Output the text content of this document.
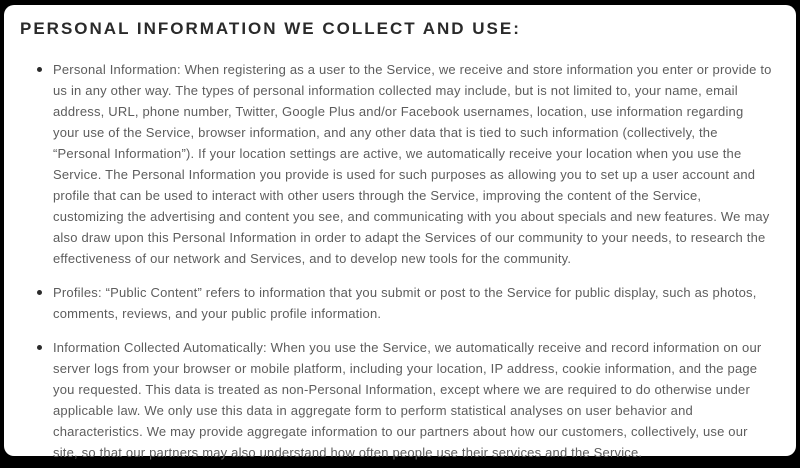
PERSONAL INFORMATION WE COLLECT AND USE:
Personal Information: When registering as a user to the Service, we receive and store information you enter or provide to us in any other way. The types of personal information collected may include, but is not limited to, your name, email address, URL, phone number, Twitter, Google Plus and/or Facebook usernames, location, use information regarding your use of the Service, browser information, and any other data that is tied to such information (collectively, the “Personal Information”). If your location settings are active, we automatically receive your location when you use the Service. The Personal Information you provide is used for such purposes as allowing you to set up a user account and profile that can be used to interact with other users through the Service, improving the content of the Service, customizing the advertising and content you see, and communicating with you about specials and new features. We may also draw upon this Personal Information in order to adapt the Services of our community to your needs, to research the effectiveness of our network and Services, and to develop new tools for the community.
Profiles: “Public Content” refers to information that you submit or post to the Service for public display, such as photos, comments, reviews, and your public profile information.
Information Collected Automatically: When you use the Service, we automatically receive and record information on our server logs from your browser or mobile platform, including your location, IP address, cookie information, and the page you requested. This data is treated as non-Personal Information, except where we are required to do otherwise under applicable law. We only use this data in aggregate form to perform statistical analyses on user behavior and characteristics. We may provide aggregate information to our partners about how our customers, collectively, use our site, so that our partners may also understand how often people use their services and the Service.
